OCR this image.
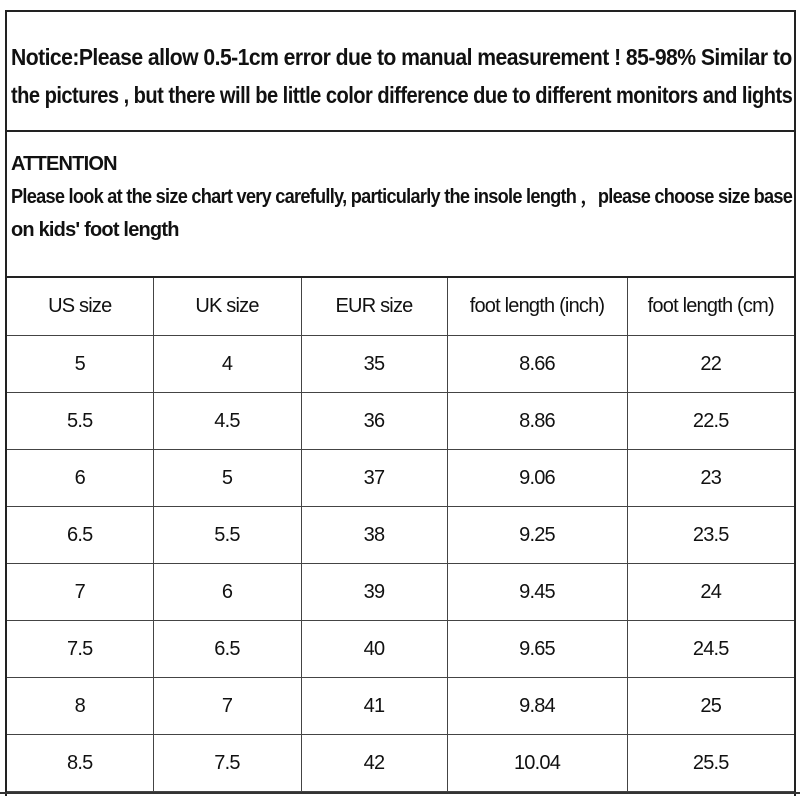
Notice:Please allow 0.5-1cm error due to manual measurement ! 85-98% Similar to
the pictures , but there will be little color difference due to different monitors and lights
ATTENTION
Please look at the size chart very carefully, particularly the insole length ，please choose size base
on kids' foot length
US size	UK size	EUR size	foot length (inch)	foot length (cm)
5	4	35	8.66	22
5.5	4.5	36	8.86	22.5
6	5	37	9.06	23
6.5	5.5	38	9.25	23.5
7	6	39	9.45	24
7.5	6.5	40	9.65	24.5
8	7	41	9.84	25
8.5	7.5	42	10.04	25.5
